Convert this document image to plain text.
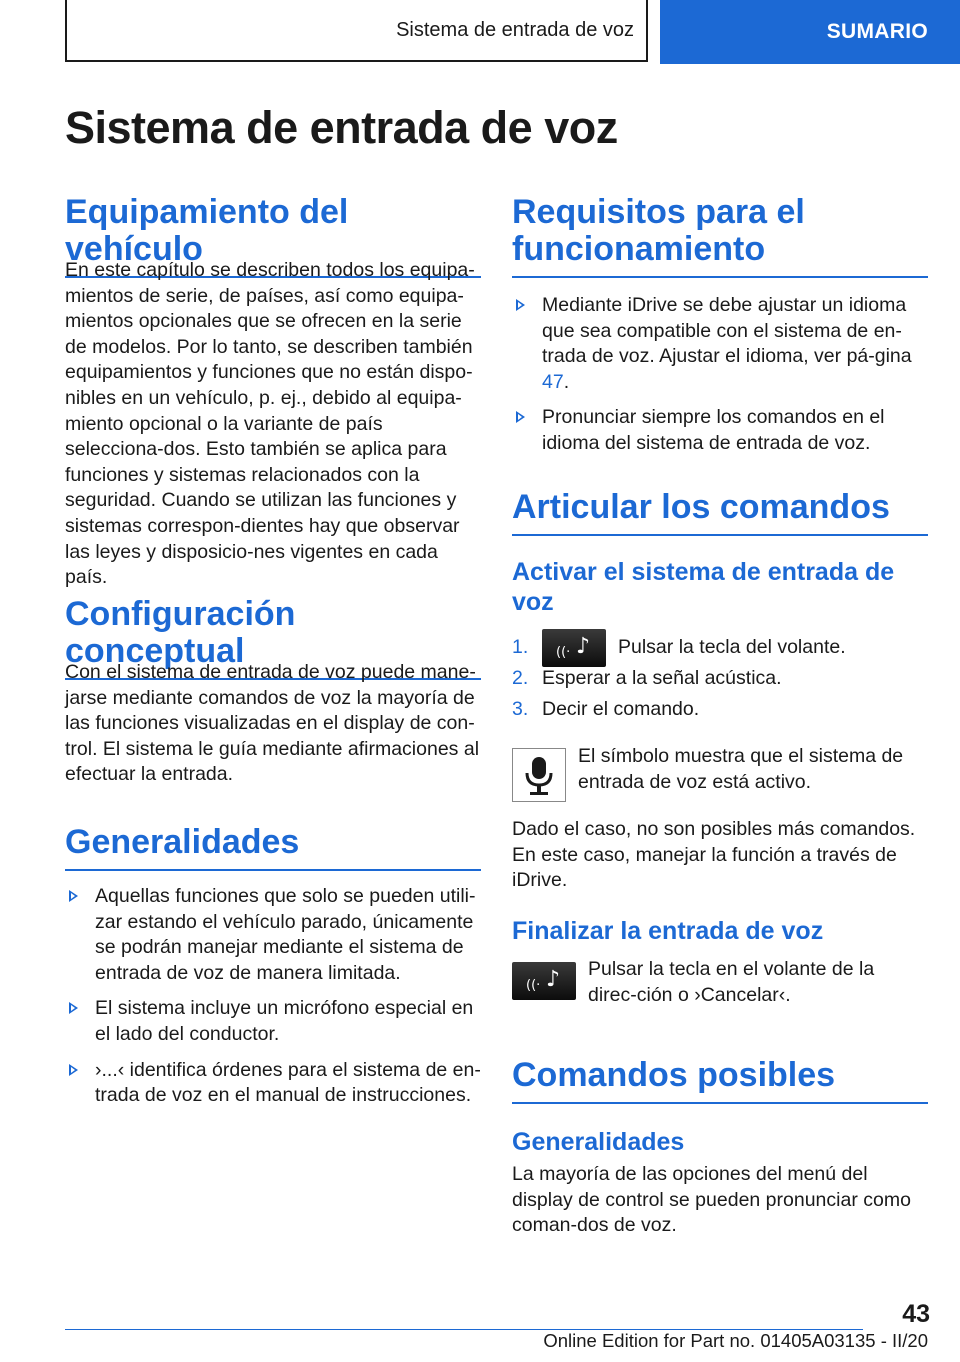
Sistema de entrada de voz	SUMARIO
Sistema de entrada de voz
Equipamiento del vehículo

En este capítulo se describen todos los equipa-mientos de serie, de países, así como equipa-mientos opcionales que se ofrecen en la serie de modelos. Por lo tanto, se describen también equipamientos y funciones que no están dispo-nibles en un vehículo, p. ej., debido al equipa-miento opcional o la variante de país selecciona-dos. Esto también se aplica para funciones y sistemas relacionados con la seguridad. Cuando se utilizan las funciones y sistemas correspon-dientes hay que observar las leyes y disposicio-nes vigentes en cada país.

Configuración conceptual

Con el sistema de entrada de voz puede mane-jarse mediante comandos de voz la mayoría de las funciones visualizadas en el display de con-trol. El sistema le guía mediante afirmaciones al efectuar la entrada.

Generalidades
Aquellas funciones que solo se pueden utili-zar estando el vehículo parado, únicamente se podrán manejar mediante el sistema de entrada de voz de manera limitada.
El sistema incluye un micrófono especial en el lado del conductor.
›...‹ identifica órdenes para el sistema de en-trada de voz en el manual de instrucciones.
Requisitos para el funcionamiento
Mediante iDrive se debe ajustar un idioma que sea compatible con el sistema de en-trada de voz. Ajustar el idioma, ver pá-gina 47.
Pronunciar siempre los comandos en el idioma del sistema de entrada de voz.
Articular los comandos
Activar el sistema de entrada de voz
1. ((· ♪ Pulsar la tecla del volante.
2. Esperar a la señal acústica.
3. Decir el comando.

El símbolo muestra que el sistema de entrada de voz está activo.

Dado el caso, no son posibles más comandos. En este caso, manejar la función a través de iDrive.

Finalizar la entrada de voz
((· ♪ Pulsar la tecla en el volante de la direc-ción o ›Cancelar‹.

Comandos posibles
Generalidades

La mayoría de las opciones del menú del display de control se pueden pronunciar como coman-dos de voz.

43
Online Edition for Part no. 01405A03135 - II/20
